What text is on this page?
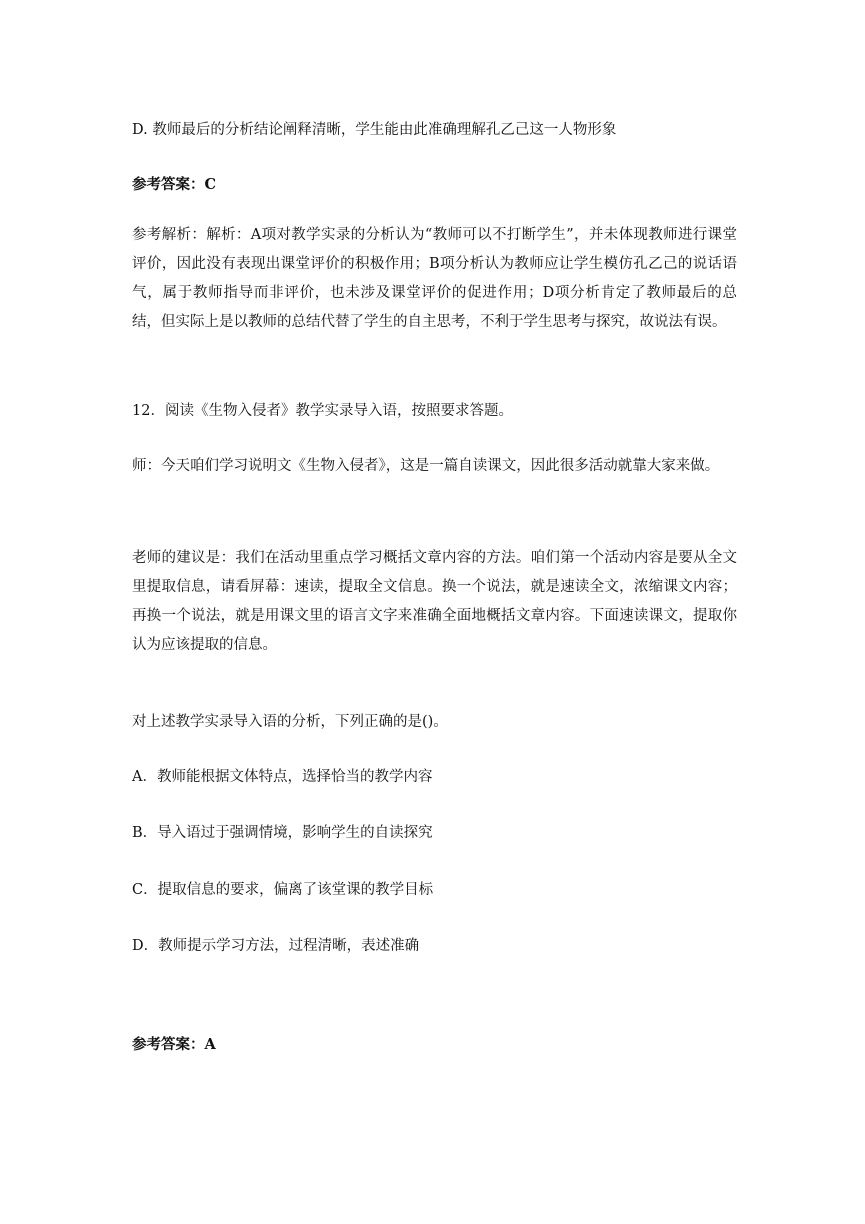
D. 教师最后的分析结论阐释清晰，学生能由此准确理解孔乙己这一人物形象
参考答案：C
参考解析：解析：A项对教学实录的分析认为“教师可以不打断学生”，并未体现教师进行课堂评价，因此没有表现出课堂评价的积极作用；B项分析认为教师应让学生模仿孔乙己的说话语气，属于教师指导而非评价，也未涉及课堂评价的促进作用；D项分析肯定了教师最后的总结，但实际上是以教师的总结代替了学生的自主思考，不利于学生思考与探究，故说法有误。
12．阅读《生物入侵者》教学实录导入语，按照要求答题。
师：今天咱们学习说明文《生物入侵者》，这是一篇自读课文，因此很多活动就靠大家来做。
老师的建议是：我们在活动里重点学习概括文章内容的方法。咱们第一个活动内容是要从全文里提取信息，请看屏幕：速读，提取全文信息。换一个说法，就是速读全文，浓缩课文内容；再换一个说法，就是用课文里的语言文字来准确全面地概括文章内容。下面速读课文，提取你认为应该提取的信息。
对上述教学实录导入语的分析，下列正确的是()。
A．教师能根据文体特点，选择恰当的教学内容
B．导入语过于强调情境，影响学生的自读探究
C．提取信息的要求，偏离了该堂课的教学目标
D．教师提示学习方法，过程清晰，表述准确
参考答案：A
